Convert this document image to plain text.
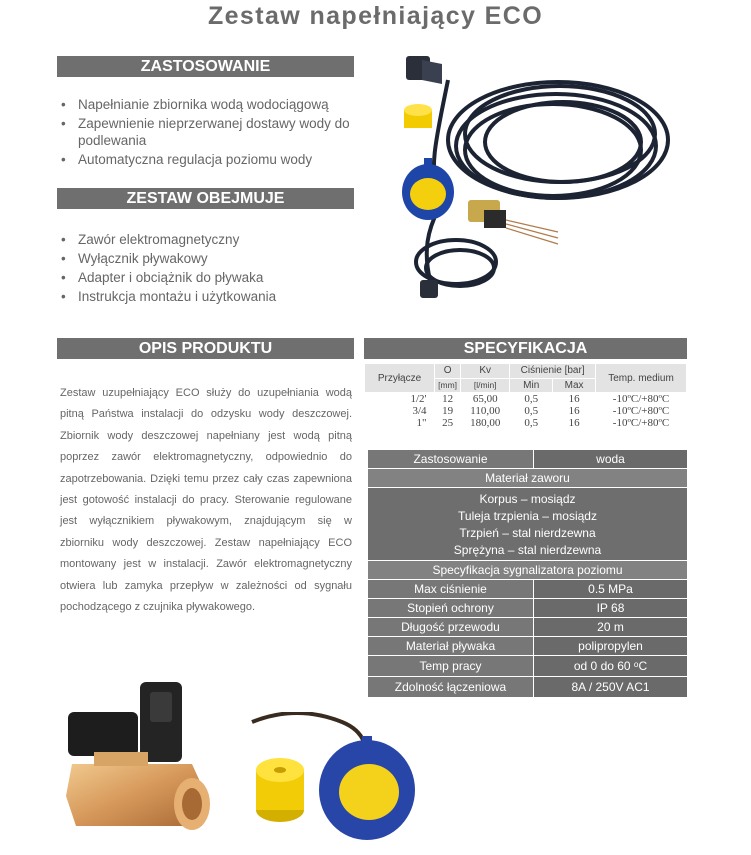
Zestaw napełniający ECO
ZASTOSOWANIE
• Napełnianie zbiornika wodą wodociągową
• Zapewnienie nieprzerwanej dostawy wody do podlewania
• Automatyczna regulacja poziomu wody
ZESTAW OBEJMUJE
• Zawór elektromagnetyczny
• Wyłącznik pływakowy
• Adapter i obciążnik do pływaka
• Instrukcja montażu i użytkowania
OPIS PRODUKTU
Zestaw uzupełniający ECO służy do uzupełniania wodą pitną Państwa instalacji do odzysku wody deszczowej. Zbiornik wody deszczowej napełniany jest wodą pitną poprzez zawór elektromagnetyczny, odpowiednio do zapotrzebowania. Dzięki temu przez cały czas zapewniona jest gotowość instalacji do pracy. Sterowanie regulowane jest wyłącznikiem pływakowym, znajdującym się w zbiorniku wody deszczowej. Zestaw napełniający ECO montowany jest w instalacji. Zawór elektromagnetyczny otwiera lub zamyka przepływ w zależności od sygnału pochodzącego z czujnika pływakowego.
SPECYFIKACJA
Przyłącze	O	Kv	Ciśnienie [bar]		Temp. medium
	[mm]	[l/min]	Min	Max	
1/2'	12	65,00	0,5	16	-10ºC/+80ºC
3/4	19	110,00	0,5	16	-10ºC/+80ºC
1"	25	180,00	0,5	16	-10ºC/+80ºC
Zastosowanie	woda
Materiał zaworu
Korpus – mosiądz
Tuleja trzpienia – mosiądz
Trzpień – stal nierdzewna
Sprężyna – stal nierdzewna
Specyfikacja sygnalizatora poziomu
Max ciśnienie	0.5 MPa
Stopień ochrony	IP 68
Długość przewodu	20 m
Materiał pływaka	polipropylen
Temp pracy	od 0 do 60 ᵒC
Zdolność łączeniowa	8A / 250V AC1
